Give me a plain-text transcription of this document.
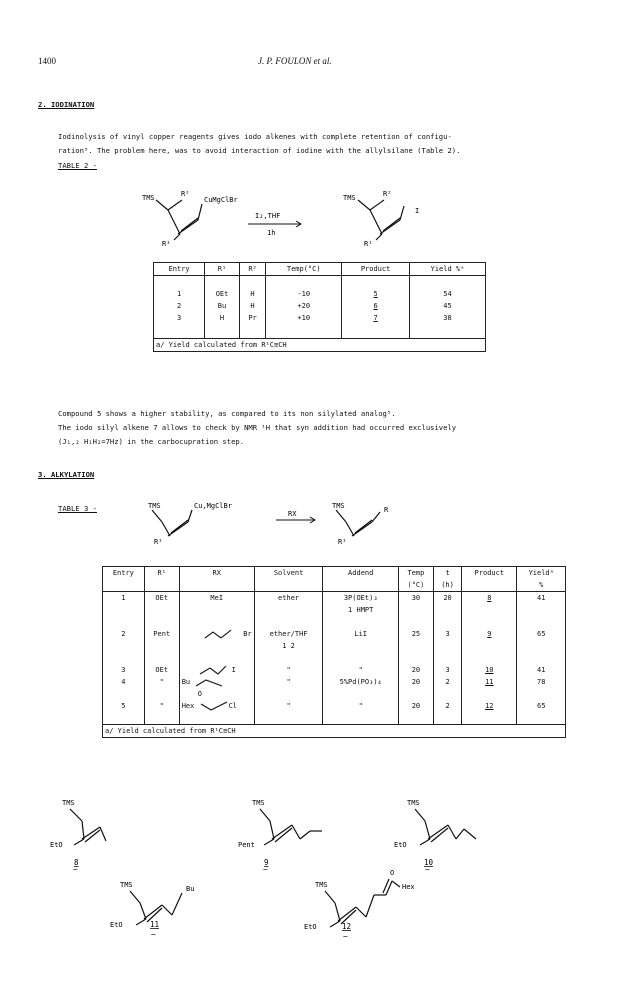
1400	J. P. FOULON et al.
2. IODINATION
Iodinolysis of vinyl copper reagents gives iodo alkenes with complete retention of configu-
ration⁵. The problem here, was to avoid interaction of iodine with the allylsilane (Table 2).
TABLE 2 -
TMS	R²
CuMgClBr
R¹
I₂,THF
1h
TMS	R²
I
R¹
Entry	R¹	R²	Temp(°C)	Product	Yield %ᵃ

1	OEt	H	-10	5	54
2	Bu	H	+20	6	45
3	H	Pr	+10	7	38

a/ Yield calculated from R¹C≡CH					
Compound 5 shows a higher stability, as compared to its non silylated analog⁵.
The iodo silyl alkene 7 allows to check by NMR ¹H that syn addition had occurred exclusively
(J₁,₂ H₁H₂=7Hz) in the carbocupration step.
3. ALKYLATION
TABLE 3 -	TMS	Cu,MgClBr
R¹
RX
TMS	R
R¹
Entry	R¹	RX	Solvent	Addend	Temp	t	Product	Yieldᵃ
					(°C)	(h)		%
1	OEt	MeI	ether	3P(OEt)₃	30	20	8	41
				1 HMPT				

2	Pent	Br	ether/THF	LiI	25	3	9	65
			1 2					

3	OEt	I	"	"	20	3	10	41
4	"	Bu	"	5%Pd(PO₃)₄	20	2	11	78
		O						
5	"	Hex Cl	"	"	20	2	12	65

a/ Yield calculated from R¹C≡CH								
TMS
EtO
8
~
TMS
Pent
9
~
TMS
EtO
10
~
TMS	Bu
EtO	11
~
TMS
O
Hex
EtO	12
~
